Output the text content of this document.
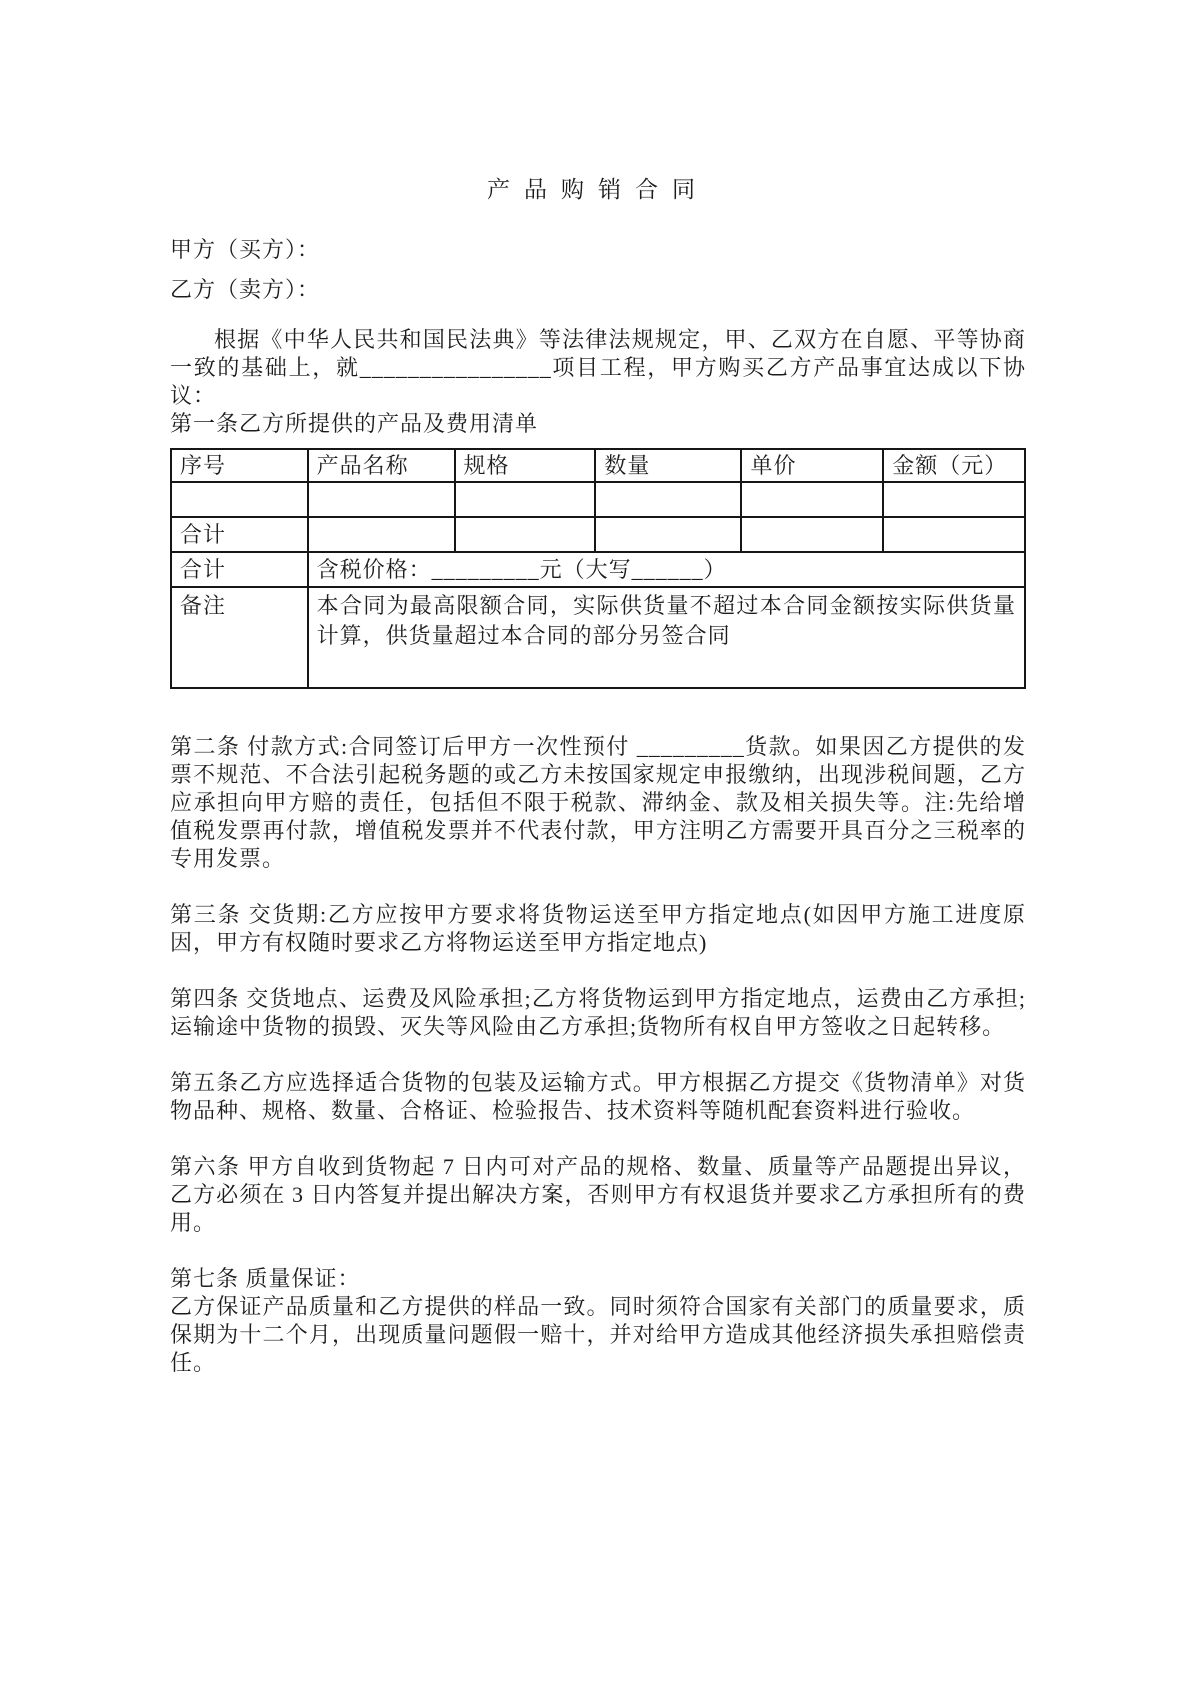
产品购销合同
甲方（买方）：
乙方（卖方）：

根据《中华人民共和国民法典》等法律法规规定，甲、乙双方在自愿、平等协商一致的基础上，就________________项目工程，甲方购买乙方产品事宜达成以下协议：

第一条乙方所提供的产品及费用清单
序号	产品名称	规格	数量	单价	金额（元）

合计					
合计	含税价格：_________元（大写______）				
备注	本合同为最高限额合同，实际供货量不超过本合同金额按实际供货量计算，供货量超过本合同的部分另签合同				

第二条 付款方式:合同签订后甲方一次性预付 _________货款。如果因乙方提供的发票不规范、不合法引起税务题的或乙方未按国家规定申报缴纳，出现涉税间题，乙方应承担向甲方赔的责任，包括但不限于税款、滞纳金、款及相关损失等。注:先给增值税发票再付款，增值税发票并不代表付款，甲方注明乙方需要开具百分之三税率的专用发票。

第三条 交货期:乙方应按甲方要求将货物运送至甲方指定地点(如因甲方施工进度原因，甲方有权随时要求乙方将物运送至甲方指定地点)

第四条 交货地点、运费及风险承担;乙方将货物运到甲方指定地点，运费由乙方承担;运输途中货物的损毁、灭失等风险由乙方承担;货物所有权自甲方签收之日起转移。

第五条乙方应选择适合货物的包装及运输方式。甲方根据乙方提交《货物清单》对货物品种、规格、数量、合格证、检验报告、技术资料等随机配套资料进行验收。

第六条 甲方自收到货物起 7 日内可对产品的规格、数量、质量等产品题提出异议，乙方必须在 3 日内答复并提出解决方案，否则甲方有权退货并要求乙方承担所有的费用。

第七条 质量保证：

乙方保证产品质量和乙方提供的样品一致。同时须符合国家有关部门的质量要求，质保期为十二个月，出现质量问题假一赔十，并对给甲方造成其他经济损失承担赔偿责任。
